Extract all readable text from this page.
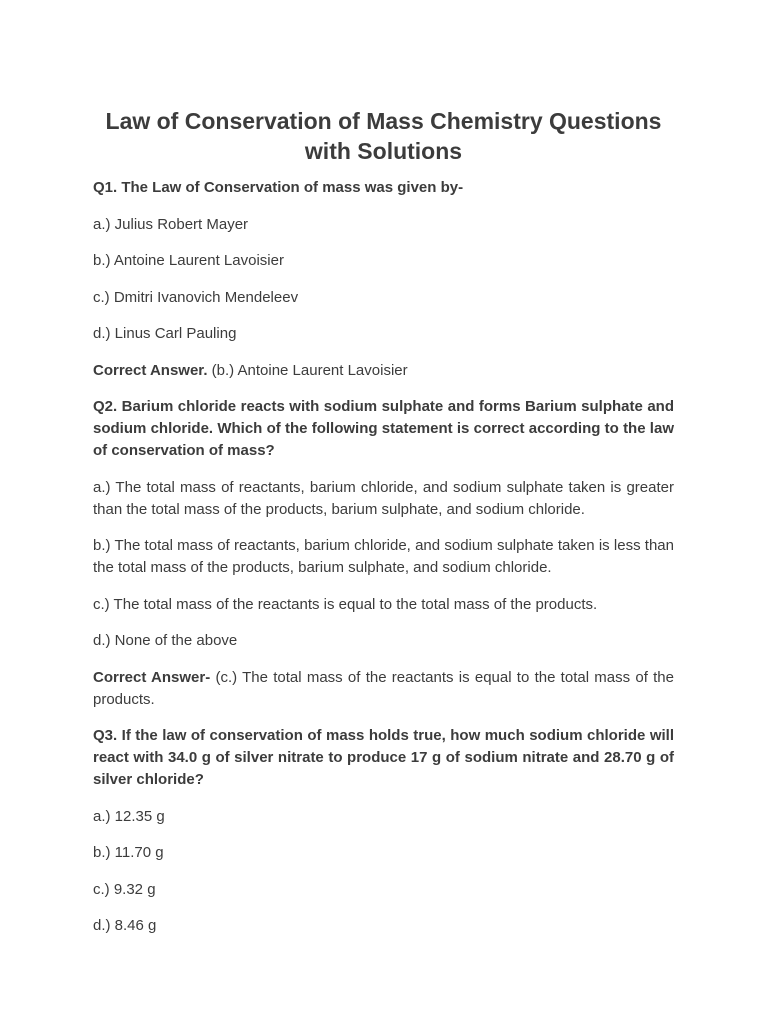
Law of Conservation of Mass Chemistry Questions with Solutions

Q1. The Law of Conservation of mass was given by-

a.) Julius Robert Mayer

b.) Antoine Laurent Lavoisier

c.) Dmitri Ivanovich Mendeleev

d.) Linus Carl Pauling

Correct Answer. (b.) Antoine Laurent Lavoisier

Q2. Barium chloride reacts with sodium sulphate and forms Barium sulphate and sodium chloride. Which of the following statement is correct according to the law of conservation of mass?

a.) The total mass of reactants, barium chloride, and sodium sulphate taken is greater than the total mass of the products, barium sulphate, and sodium chloride.

b.) The total mass of reactants, barium chloride, and sodium sulphate taken is less than the total mass of the products, barium sulphate, and sodium chloride.

c.) The total mass of the reactants is equal to the total mass of the products.

d.) None of the above

Correct Answer- (c.) The total mass of the reactants is equal to the total mass of the products.

Q3. If the law of conservation of mass holds true, how much sodium chloride will react with 34.0 g of silver nitrate to produce 17 g of sodium nitrate and 28.70 g of silver chloride?

a.) 12.35 g

b.) 11.70 g

c.) 9.32 g

d.) 8.46 g
